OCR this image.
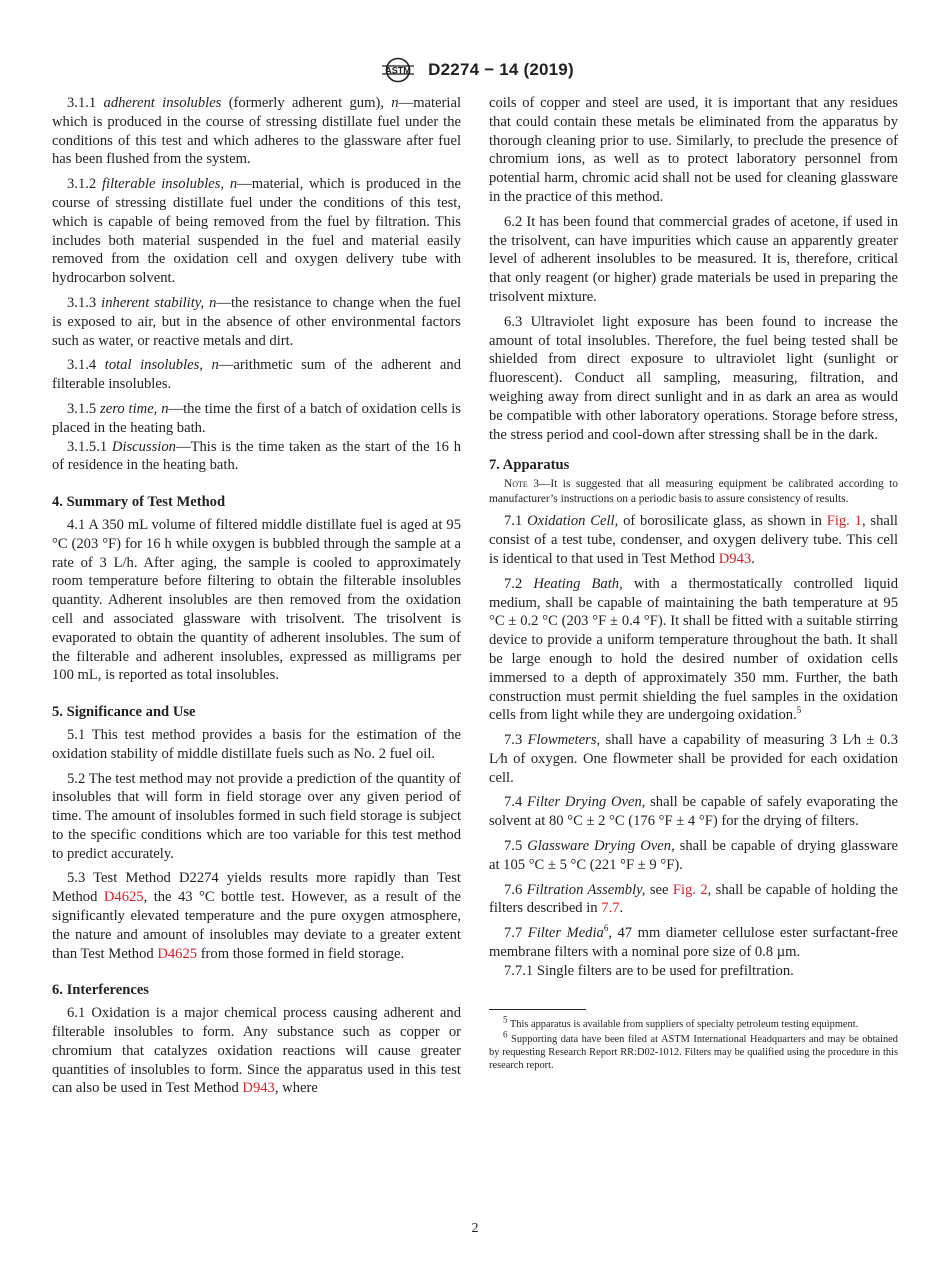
ASTM D2274 − 14 (2019)

3.1.1 adherent insolubles (formerly adherent gum), n—material which is produced in the course of stressing distillate fuel under the conditions of this test and which adheres to the glassware after fuel has been flushed from the system.

3.1.2 filterable insolubles, n—material, which is produced in the course of stressing distillate fuel under the conditions of this test, which is capable of being removed from the fuel by filtration. This includes both material suspended in the fuel and material easily removed from the oxidation cell and oxygen delivery tube with hydrocarbon solvent.

3.1.3 inherent stability, n—the resistance to change when the fuel is exposed to air, but in the absence of other environmental factors such as water, or reactive metals and dirt.

3.1.4 total insolubles, n—arithmetic sum of the adherent and filterable insolubles.

3.1.5 zero time, n—the time the first of a batch of oxidation cells is placed in the heating bath.

3.1.5.1 Discussion—This is the time taken as the start of the 16 h of residence in the heating bath.

4. Summary of Test Method

4.1 A 350 mL volume of filtered middle distillate fuel is aged at 95 °C (203 °F) for 16 h while oxygen is bubbled through the sample at a rate of 3 L/h. After aging, the sample is cooled to approximately room temperature before filtering to obtain the filterable insolubles quantity. Adherent insolubles are then removed from the oxidation cell and associated glassware with trisolvent. The trisolvent is evaporated to obtain the quantity of adherent insolubles. The sum of the filterable and adherent insolubles, expressed as milligrams per 100 mL, is reported as total insolubles.

5. Significance and Use

5.1 This test method provides a basis for the estimation of the oxidation stability of middle distillate fuels such as No. 2 fuel oil.

5.2 The test method may not provide a prediction of the quantity of insolubles that will form in field storage over any given period of time. The amount of insolubles formed in such field storage is subject to the specific conditions which are too variable for this test method to predict accurately.

5.3 Test Method D2274 yields results more rapidly than Test Method D4625, the 43 °C bottle test. However, as a result of the significantly elevated temperature and the pure oxygen atmosphere, the nature and amount of insolubles may deviate to a greater extent than Test Method D4625 from those formed in field storage.

6. Interferences

6.1 Oxidation is a major chemical process causing adherent and filterable insolubles to form. Any substance such as copper or chromium that catalyzes oxidation reactions will cause greater quantities of insolubles to form. Since the apparatus used in this test can also be used in Test Method D943, where

coils of copper and steel are used, it is important that any residues that could contain these metals be eliminated from the apparatus by thorough cleaning prior to use. Similarly, to preclude the presence of chromium ions, as well as to protect laboratory personnel from potential harm, chromic acid shall not be used for cleaning glassware in the practice of this method.

6.2 It has been found that commercial grades of acetone, if used in the trisolvent, can have impurities which cause an apparently greater level of adherent insolubles to be measured. It is, therefore, critical that only reagent (or higher) grade materials be used in preparing the trisolvent mixture.

6.3 Ultraviolet light exposure has been found to increase the amount of total insolubles. Therefore, the fuel being tested shall be shielded from direct exposure to ultraviolet light (sunlight or fluorescent). Conduct all sampling, measuring, filtration, and weighing away from direct sunlight and in as dark an area as would be compatible with other laboratory operations. Storage before stress, the stress period and cool-down after stressing shall be in the dark.

7. Apparatus
Note 3—It is suggested that all measuring equipment be calibrated according to manufacturer’s instructions on a periodic basis to assure consistency of results.

7.1 Oxidation Cell, of borosilicate glass, as shown in Fig. 1, shall consist of a test tube, condenser, and oxygen delivery tube. This cell is identical to that used in Test Method D943.

7.2 Heating Bath, with a thermostatically controlled liquid medium, shall be capable of maintaining the bath temperature at 95 °C ± 0.2 °C (203 °F ± 0.4 °F). It shall be fitted with a suitable stirring device to provide a uniform temperature throughout the bath. It shall be large enough to hold the desired number of oxidation cells immersed to a depth of approximately 350 mm. Further, the bath construction must permit shielding the fuel samples in the oxidation cells from light while they are undergoing oxidation.$^5$

7.3 Flowmeters, shall have a capability of measuring 3 L⁄h ± 0.3 L⁄h of oxygen. One flowmeter shall be provided for each oxidation cell.

7.4 Filter Drying Oven, shall be capable of safely evaporating the solvent at 80 °C ± 2 °C (176 °F ± 4 °F) for the drying of filters.

7.5 Glassware Drying Oven, shall be capable of drying glassware at 105 °C ± 5 °C (221 °F ± 9 °F).

7.6 Filtration Assembly, see Fig. 2, shall be capable of holding the filters described in 7.7.

7.7 Filter Media$^6$, 47 mm diameter cellulose ester surfactant-free membrane filters with a nominal pore size of 0.8 µm.

7.7.1 Single filters are to be used for prefiltration.

$^5$ This apparatus is available from suppliers of specialty petroleum testing equipment.
$^6$ Supporting data have been filed at ASTM International Headquarters and may be obtained by requesting Research Report RR:D02-1012. Filters may be qualified using the procedure in this research report.
2
